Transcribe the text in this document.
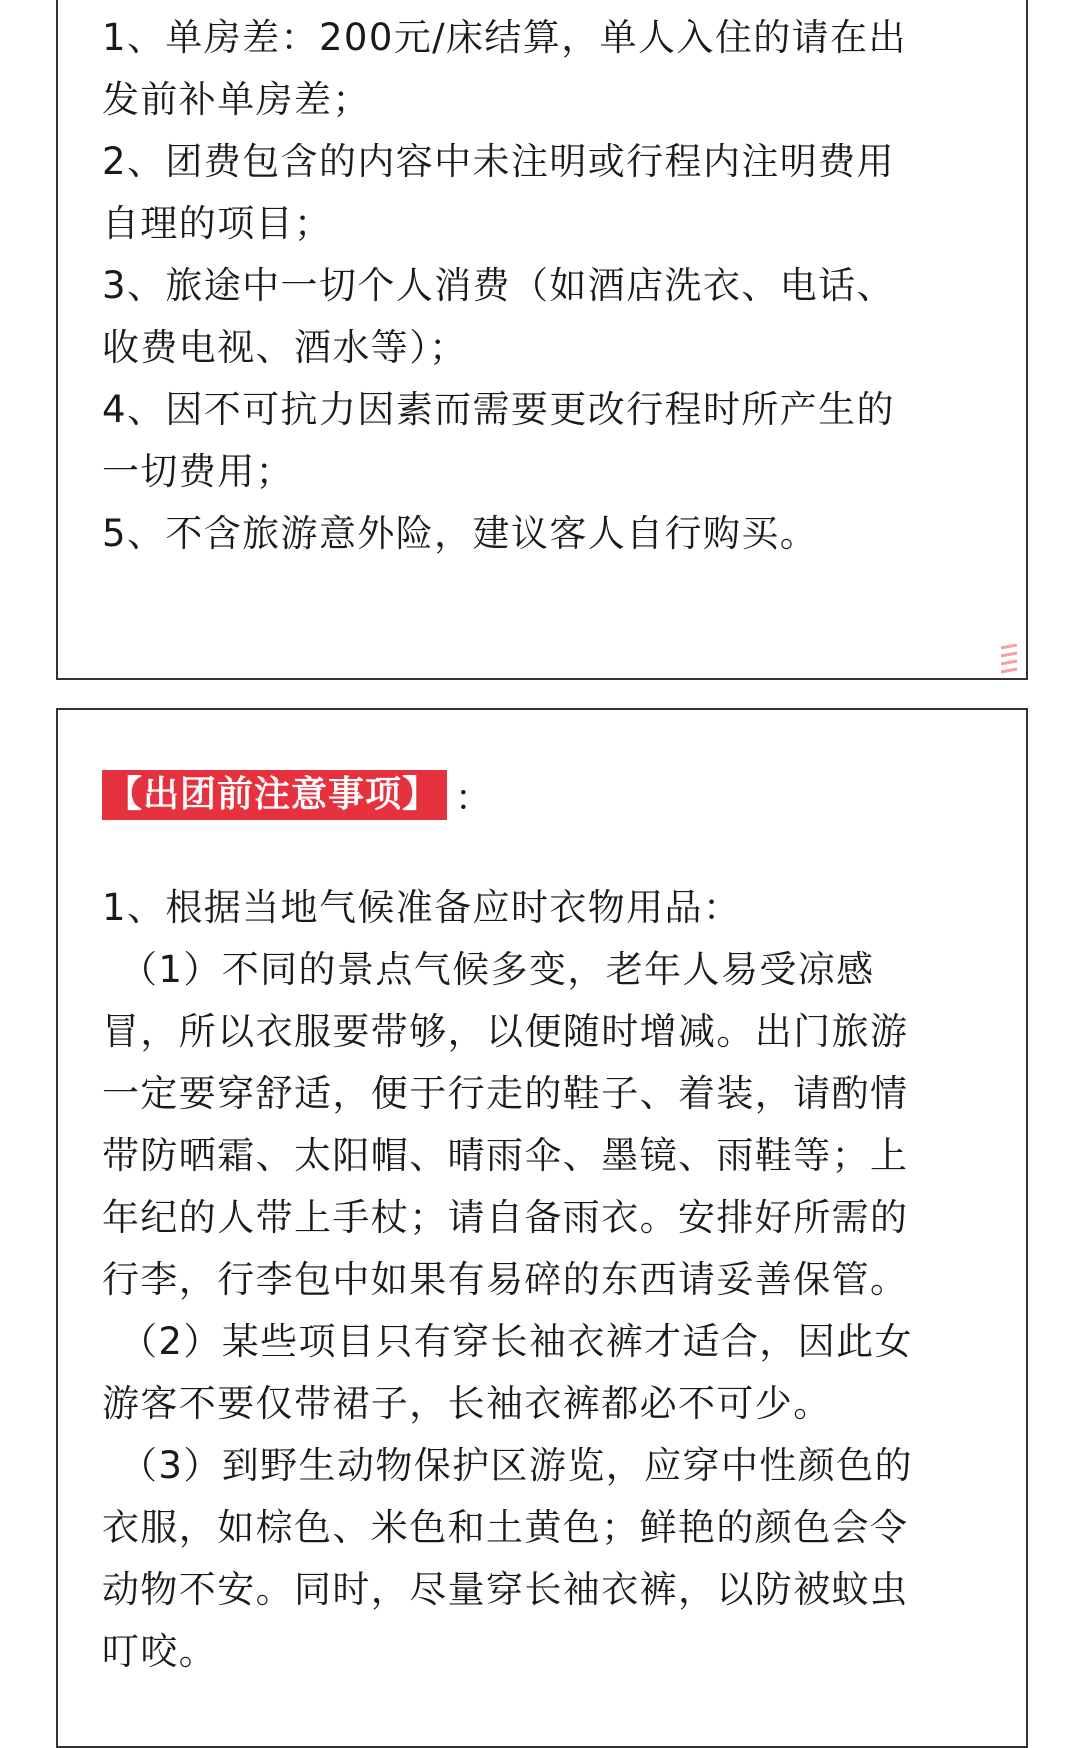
1、单房差：200元/床结算，单人入住的请在出

发前补单房差；

2、团费包含的内容中未注明或行程内注明费用

自理的项目；

3、旅途中一切个人消费（如酒店洗衣、电话、

收费电视、酒水等）；

4、因不可抗力因素而需要更改行程时所产生的

一切费用；

5、不含旅游意外险，建议客人自行购买。

【出团前注意事项】 ：

1、根据当地气候准备应时衣物用品：

（1）不同的景点气候多变，老年人易受凉感

冒，所以衣服要带够，以便随时增减。出门旅游

一定要穿舒适，便于行走的鞋子、着装，请酌情

带防晒霜、太阳帽、晴雨伞、墨镜、雨鞋等；上

年纪的人带上手杖；请自备雨衣。安排好所需的

行李，行李包中如果有易碎的东西请妥善保管。

（2）某些项目只有穿长袖衣裤才适合，因此女

游客不要仅带裙子，长袖衣裤都必不可少。

（3）到野生动物保护区游览，应穿中性颜色的

衣服，如棕色、米色和土黄色；鲜艳的颜色会令

动物不安。同时，尽量穿长袖衣裤，以防被蚊虫

叮咬。
